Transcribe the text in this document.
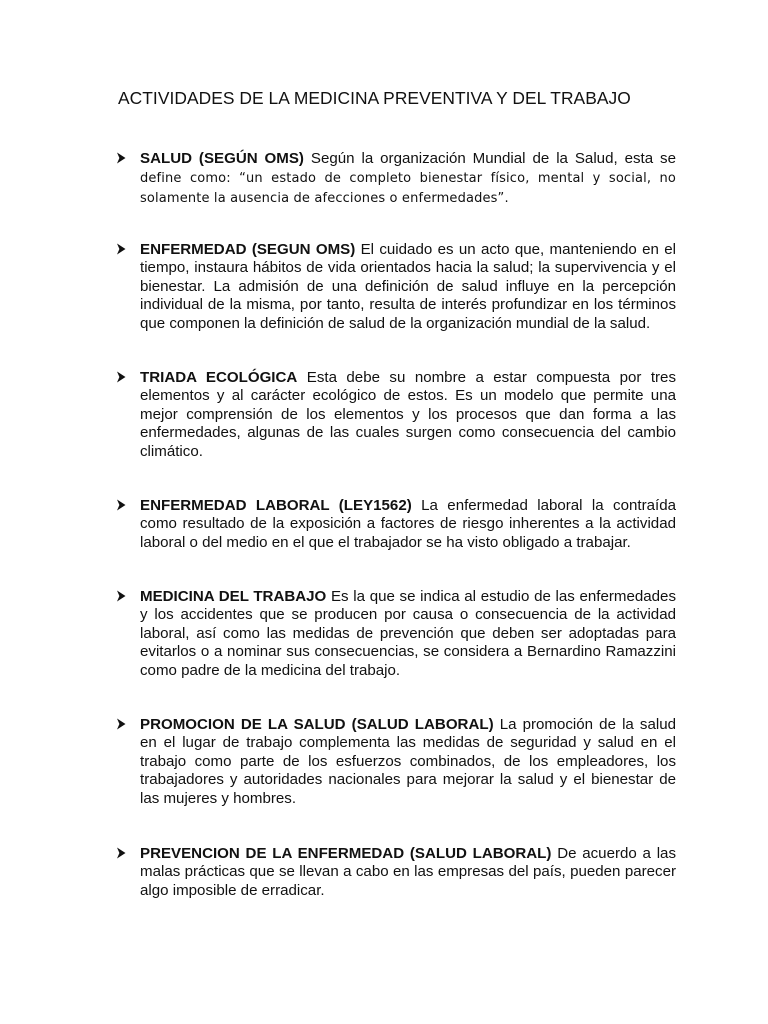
ACTIVIDADES DE LA MEDICINA PREVENTIVA Y DEL TRABAJO

SALUD (SEGÚN OMS) Según la organización Mundial de la Salud, esta se define como: “un estado de completo bienestar físico, mental y social, no solamente la ausencia de afecciones o enfermedades”.

ENFERMEDAD (SEGUN OMS) El cuidado es un acto que, manteniendo en el tiempo, instaura hábitos de vida orientados hacia la salud; la supervivencia y el bienestar. La admisión de una definición de salud influye en la percepción individual de la misma, por tanto, resulta de interés profundizar en los términos que componen la definición de salud de la organización mundial de la salud.

TRIADA ECOLÓGICA Esta debe su nombre a estar compuesta por tres elementos y al carácter ecológico de estos. Es un modelo que permite una mejor comprensión de los elementos y los procesos que dan forma a las enfermedades, algunas de las cuales surgen como consecuencia del cambio climático.

ENFERMEDAD LABORAL (LEY1562) La enfermedad laboral la contraída como resultado de la exposición a factores de riesgo inherentes a la actividad laboral o del medio en el que el trabajador se ha visto obligado a trabajar.

MEDICINA DEL TRABAJO Es la que se indica al estudio de las enfermedades y los accidentes que se producen por causa o consecuencia de la actividad laboral, así como las medidas de prevención que deben ser adoptadas para evitarlos o a nominar sus consecuencias, se considera a Bernardino Ramazzini como padre de la medicina del trabajo.

PROMOCION DE LA SALUD (SALUD LABORAL) La promoción de la salud en el lugar de trabajo complementa las medidas de seguridad y salud en el trabajo como parte de los esfuerzos combinados, de los empleadores, los trabajadores y autoridades nacionales para mejorar la salud y el bienestar de las mujeres y hombres.

PREVENCION DE LA ENFERMEDAD (SALUD LABORAL) De acuerdo a las malas prácticas que se llevan a cabo en las empresas del país, pueden parecer algo imposible de erradicar.
